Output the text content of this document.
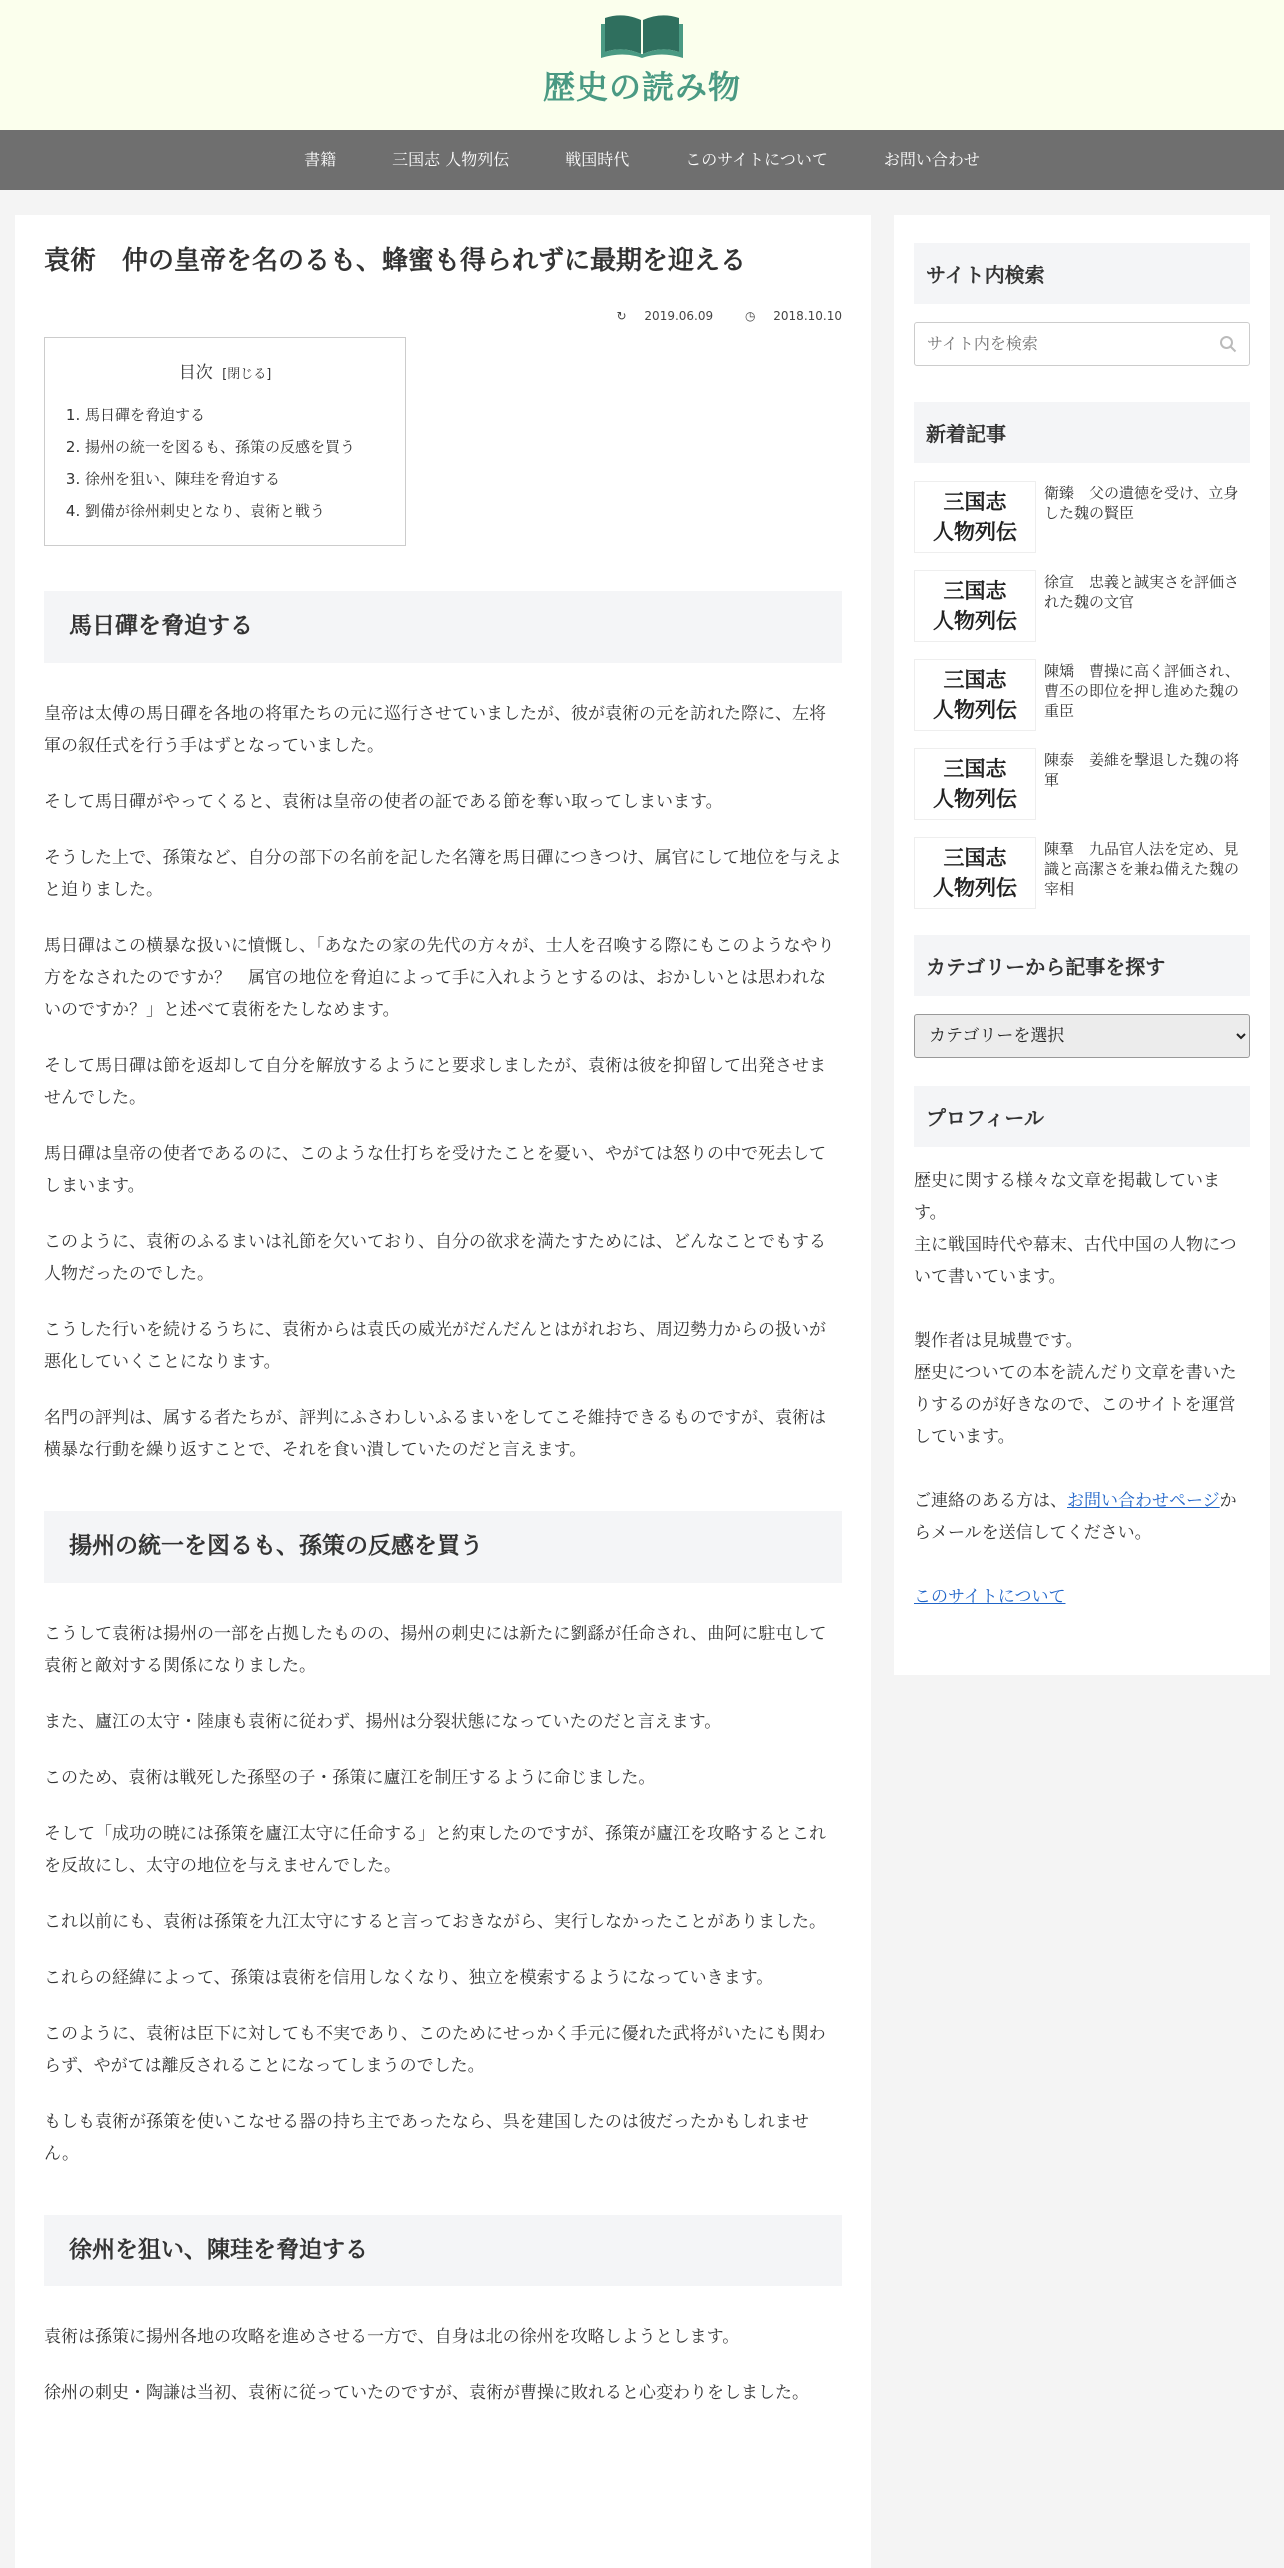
歴史の読み物
書籍	三国志 人物列伝	戦国時代	このサイトについて	お問い合わせ
袁術　仲の皇帝を名のるも、蜂蜜も得られずに最期を迎える
↻ 2019.06.09	◷ 2018.10.10
目次 [閉じる]
1. 馬日磾を脅迫する
2. 揚州の統一を図るも、孫策の反感を買う
3. 徐州を狙い、陳珪を脅迫する
4. 劉備が徐州刺史となり、袁術と戦う
馬日磾を脅迫する

皇帝は太傅の馬日磾を各地の将軍たちの元に巡行させていましたが、彼が袁術の元を訪れた際に、左将軍の叙任式を行う手はずとなっていました。

そして馬日磾がやってくると、袁術は皇帝の使者の証である節を奪い取ってしまいます。

そうした上で、孫策など、自分の部下の名前を記した名簿を馬日磾につきつけ、属官にして地位を与えよと迫りました。

馬日磾はこの横暴な扱いに憤慨し、「あなたの家の先代の方々が、士人を召喚する際にもこのようなやり方をなされたのですか？　属官の地位を脅迫によって手に入れようとするのは、おかしいとは思われないのですか？」と述べて袁術をたしなめます。

そして馬日磾は節を返却して自分を解放するようにと要求しましたが、袁術は彼を抑留して出発させませんでした。

馬日磾は皇帝の使者であるのに、このような仕打ちを受けたことを憂い、やがては怒りの中で死去してしまいます。

このように、袁術のふるまいは礼節を欠いており、自分の欲求を満たすためには、どんなことでもする人物だったのでした。

こうした行いを続けるうちに、袁術からは袁氏の威光がだんだんとはがれおち、周辺勢力からの扱いが悪化していくことになります。

名門の評判は、属する者たちが、評判にふさわしいふるまいをしてこそ維持できるものですが、袁術は横暴な行動を繰り返すことで、それを食い潰していたのだと言えます。

揚州の統一を図るも、孫策の反感を買う

こうして袁術は揚州の一部を占拠したものの、揚州の刺史には新たに劉繇が任命され、曲阿に駐屯して袁術と敵対する関係になりました。

また、廬江の太守・陸康も袁術に従わず、揚州は分裂状態になっていたのだと言えます。

このため、袁術は戦死した孫堅の子・孫策に廬江を制圧するように命じました。

そして「成功の暁には孫策を廬江太守に任命する」と約束したのですが、孫策が廬江を攻略するとこれを反故にし、太守の地位を与えませんでした。

これ以前にも、袁術は孫策を九江太守にすると言っておきながら、実行しなかったことがありました。

これらの経緯によって、孫策は袁術を信用しなくなり、独立を模索するようになっていきます。

このように、袁術は臣下に対しても不実であり、このためにせっかく手元に優れた武将がいたにも関わらず、やがては離反されることになってしまうのでした。

もしも袁術が孫策を使いこなせる器の持ち主であったなら、呉を建国したのは彼だったかもしれません。

徐州を狙い、陳珪を脅迫する

袁術は孫策に揚州各地の攻略を進めさせる一方で、自身は北の徐州を攻略しようとします。

徐州の刺史・陶謙は当初、袁術に従っていたのですが、袁術が曹操に敗れると心変わりをしました。

サイト内検索
サイト内を検索
新着記事
三国志
人物列伝
衛臻　父の遺徳を受け、立身した魏の賢臣
三国志
人物列伝
徐宣　忠義と誠実さを評価された魏の文官
三国志
人物列伝
陳矯　曹操に高く評価され、曹丕の即位を押し進めた魏の重臣
三国志
人物列伝
陳泰　姜維を撃退した魏の将軍
三国志
人物列伝
陳羣　九品官人法を定め、見識と高潔さを兼ね備えた魏の宰相
カテゴリーから記事を探す
カテゴリーを選択
プロフィール

歴史に関する様々な文章を掲載しています。

主に戦国時代や幕末、古代中国の人物について書いています。

製作者は見城豊です。

歴史についての本を読んだり文章を書いたりするのが好きなので、このサイトを運営しています。

ご連絡のある方は、お問い合わせページからメールを送信してください。

このサイトについて
